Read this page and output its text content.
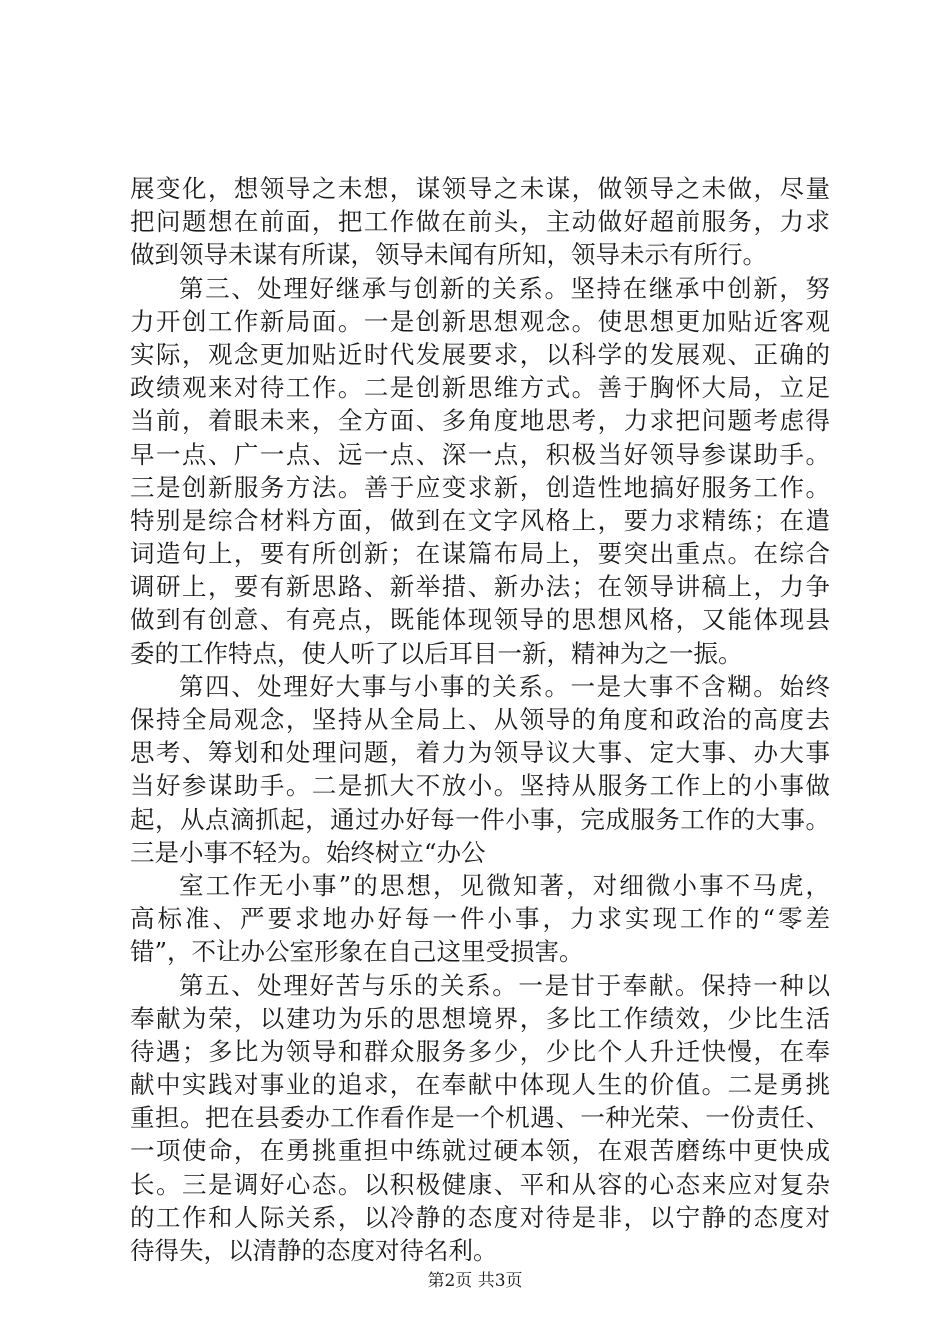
展变化，想领导之未想，谋领导之未谋，做领导之未做，尽量
把问题想在前面，把工作做在前头，主动做好超前服务，力求
做到领导未谋有所谋，领导未闻有所知，领导未示有所行。
第三、处理好继承与创新的关系。坚持在继承中创新，努
力开创工作新局面。一是创新思想观念。使思想更加贴近客观
实际，观念更加贴近时代发展要求，以科学的发展观、正确的
政绩观来对待工作。二是创新思维方式。善于胸怀大局，立足
当前，着眼未来，全方面、多角度地思考，力求把问题考虑得
早一点、广一点、远一点、深一点，积极当好领导参谋助手。
三是创新服务方法。善于应变求新，创造性地搞好服务工作。
特别是综合材料方面，做到在文字风格上，要力求精练；在遣
词造句上，要有所创新；在谋篇布局上，要突出重点。在综合
调研上，要有新思路、新举措、新办法；在领导讲稿上，力争
做到有创意、有亮点，既能体现领导的思想风格，又能体现县
委的工作特点，使人听了以后耳目一新，精神为之一振。
第四、处理好大事与小事的关系。一是大事不含糊。始终
保持全局观念，坚持从全局上、从领导的角度和政治的高度去
思考、筹划和处理问题，着力为领导议大事、定大事、办大事
当好参谋助手。二是抓大不放小。坚持从服务工作上的小事做
起，从点滴抓起，通过办好每一件小事，完成服务工作的大事。
三是小事不轻为。始终树立“办公
室工作无小事”的思想，见微知著，对细微小事不马虎，
高标准、严要求地办好每一件小事，力求实现工作的“零差
错”，不让办公室形象在自己这里受损害。
第五、处理好苦与乐的关系。一是甘于奉献。保持一种以
奉献为荣，以建功为乐的思想境界，多比工作绩效，少比生活
待遇；多比为领导和群众服务多少，少比个人升迁快慢，在奉
献中实践对事业的追求，在奉献中体现人生的价值。二是勇挑
重担。把在县委办工作看作是一个机遇、一种光荣、一份责任、
一项使命，在勇挑重担中练就过硬本领，在艰苦磨练中更快成
长。三是调好心态。以积极健康、平和从容的心态来应对复杂
的工作和人际关系，以冷静的态度对待是非，以宁静的态度对
待得失，以清静的态度对待名利。
第2页 共3页
